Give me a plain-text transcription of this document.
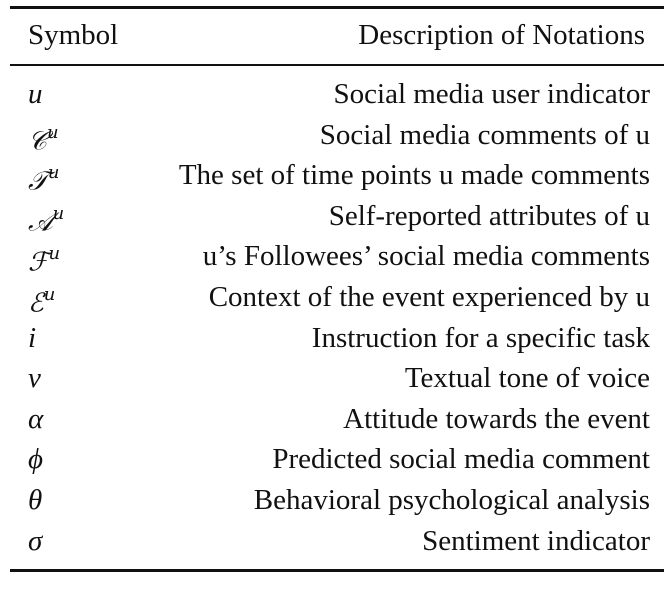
Symbol	Description of Notations
u	Social media user indicator
𝒞$^u$	Social media comments of u
𝒯$^u$	The set of time points u made comments
𝒜$^u$	Self-reported attributes of u
ℱ$^u$	u’s Followees’ social media comments
ℰ$^u$	Context of the event experienced by u
i	Instruction for a specific task
ν	Textual tone of voice
α	Attitude towards the event
ϕ	Predicted social media comment
θ	Behavioral psychological analysis
σ	Sentiment indicator
